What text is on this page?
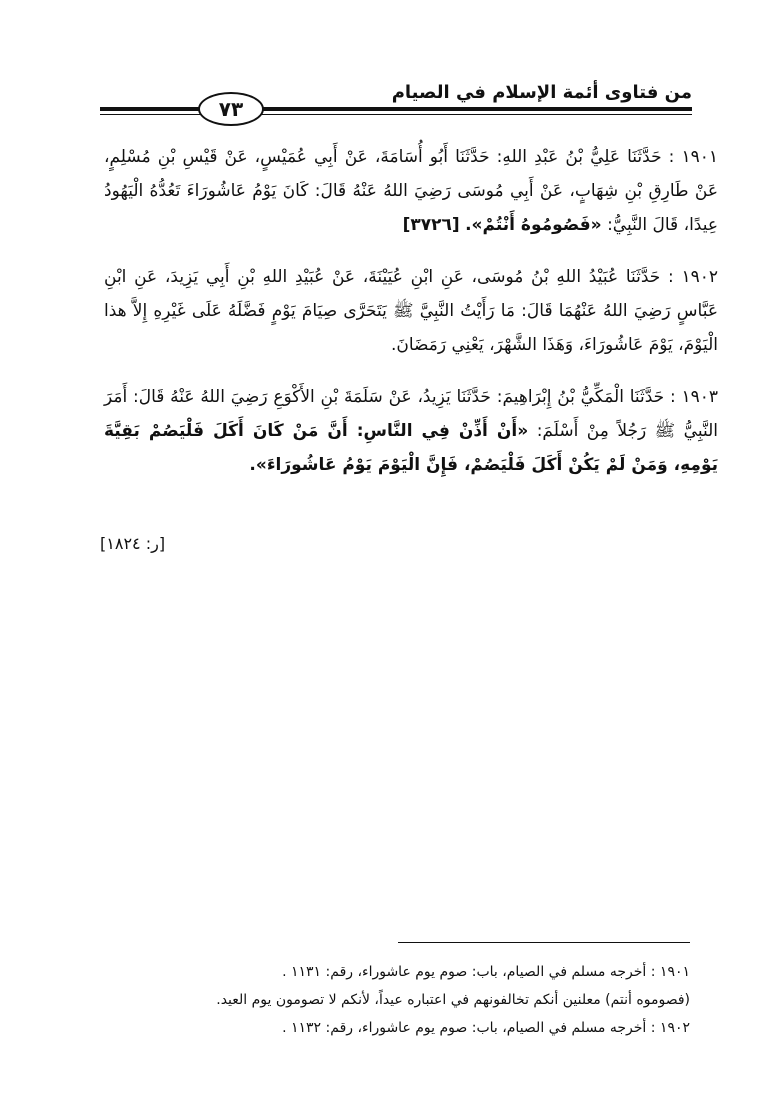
من فتاوى أئمة الإسلام في الصيام
٧٣

١٩٠١ : حَدَّثَنَا عَلِيُّ بْنُ عَبْدِ اللهِ: حَدَّثَنَا أَبُو أُسَامَةَ، عَنْ أَبِي عُمَيْسٍ، عَنْ قَيْسِ بْنِ مُسْلِمٍ، عَنْ طَارِقِ بْنِ شِهَابٍ، عَنْ أَبِي مُوسَى رَضِيَ اللهُ عَنْهُ قَالَ: كَانَ يَوْمُ عَاشُورَاءَ تَعُدُّهُ الْيَهُودُ عِيدًا، قَالَ النَّبِيُّ: «فَصُومُوهُ أَنْتُمْ». [٣٧٢٦]

١٩٠٢ : حَدَّثَنَا عُبَيْدُ اللهِ بْنُ مُوسَى، عَنِ ابْنِ عُيَيْنَةَ، عَنْ عُبَيْدِ اللهِ بْنِ أَبِي يَزِيدَ، عَنِ ابْنِ عَبَّاسٍ رَضِيَ اللهُ عَنْهُمَا قَالَ: مَا رَأَيْتُ النَّبِيَّ ﷺ يَتَحَرَّى صِيَامَ يَوْمٍ فَضَّلَهُ عَلَى غَيْرِهِ إِلاَّ هذا الْيَوْمَ، يَوْمَ عَاشُورَاءَ، وَهَذَا الشَّهْرَ، يَعْنِي رَمَضَانَ.

١٩٠٣ : حَدَّثَنَا الْمَكِّيُّ بْنُ إِبْرَاهِيمَ: حَدَّثَنَا يَزِيدُ، عَنْ سَلَمَةَ بْنِ الأَكْوَعِ رَضِيَ اللهُ عَنْهُ قَالَ: أَمَرَ النَّبِيُّ ﷺ رَجُلاً مِنْ أَسْلَمَ: «أَنْ أَذِّنْ فِي النَّاسِ: أَنَّ مَنْ كَانَ أَكَلَ فَلْيَصُمْ بَقِيَّةَ يَوْمِهِ، وَمَنْ لَمْ يَكُنْ أَكَلَ فَلْيَصُمْ، فَإِنَّ الْيَوْمَ يَوْمُ عَاشُورَاءَ».

[ر: ١٨٢٤]

١٩٠١ : أخرجه مسلم في الصيام، باب: صوم يوم عاشوراء، رقم: ١١٣١ .

(فصوموه أنتم) معلنين أنكم تخالفونهم في اعتباره عيداً، لأنكم لا تصومون يوم العيد.

١٩٠٢ : أخرجه مسلم في الصيام، باب: صوم يوم عاشوراء، رقم: ١١٣٢ .
